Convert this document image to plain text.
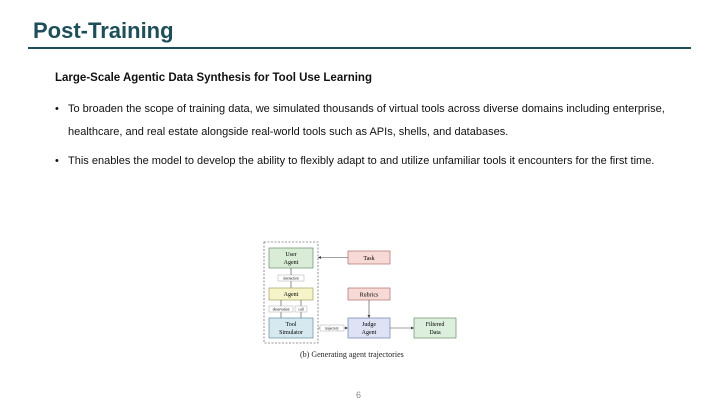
Post-Training

Large-Scale Agentic Data Synthesis for Tool Use Learning

• To broaden the scope of training data, we simulated thousands of virtual tools across diverse domains including enterprise, healthcare, and real estate alongside real-world tools such as APIs, shells, and databases.
• This enables the model to develop the ability to flexibly adapt to and utilize unfamiliar tools it encounters for the first time.
User
Agent
interaction
Agent
observation	call
Tool
Simulator
Task
Rubrics
trajectory
Judge
Agent
Filtered
Data
(b) Generating agent trajectories
6
